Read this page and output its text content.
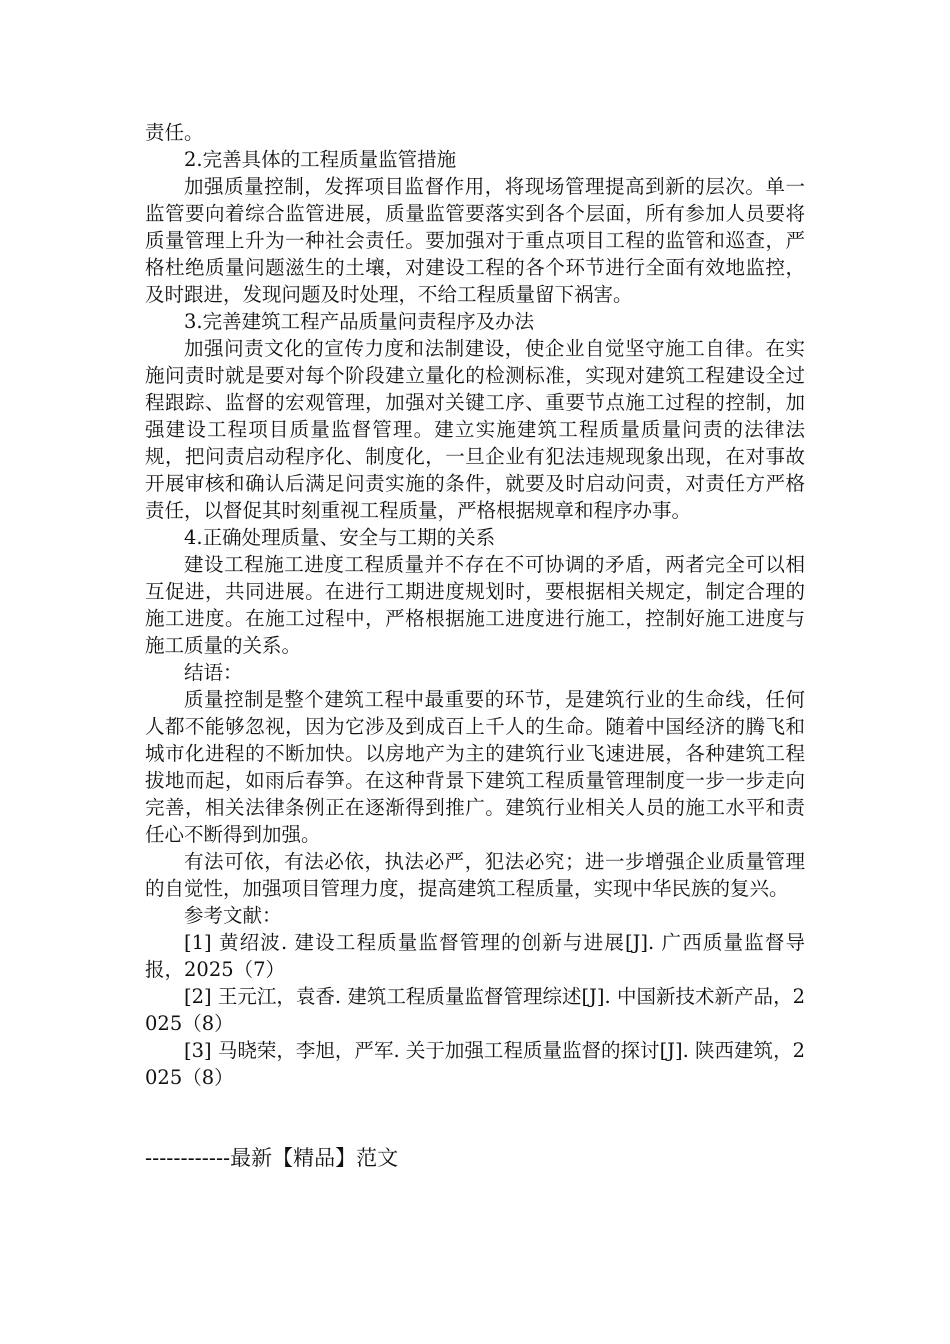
责任。

2.完善具体的工程质量监管措施

加强质量控制，发挥项目监督作用，将现场管理提高到新的层次。单一监管要向着综合监管进展，质量监管要落实到各个层面，所有参加人员要将质量管理上升为一种社会责任。要加强对于重点项目工程的监管和巡查，严格杜绝质量问题滋生的土壤，对建设工程的各个环节进行全面有效地监控，及时跟进，发现问题及时处理，不给工程质量留下祸害。

3.完善建筑工程产品质量问责程序及办法

加强问责文化的宣传力度和法制建设，使企业自觉坚守施工自律。在实施问责时就是要对每个阶段建立量化的检测标准，实现对建筑工程建设全过程跟踪、监督的宏观管理，加强对关键工序、重要节点施工过程的控制，加强建设工程项目质量监督管理。建立实施建筑工程质量质量问责的法律法规，把问责启动程序化、制度化，一旦企业有犯法违规现象出现，在对事故开展审核和确认后满足问责实施的条件，就要及时启动问责，对责任方严格责任，以督促其时刻重视工程质量，严格根据规章和程序办事。

4.正确处理质量、安全与工期的关系

建设工程施工进度工程质量并不存在不可协调的矛盾，两者完全可以相互促进，共同进展。在进行工期进度规划时，要根据相关规定，制定合理的施工进度。在施工过程中，严格根据施工进度进行施工，控制好施工进度与施工质量的关系。

结语：

质量控制是整个建筑工程中最重要的环节，是建筑行业的生命线，任何人都不能够忽视，因为它涉及到成百上千人的生命。随着中国经济的腾飞和城市化进程的不断加快。以房地产为主的建筑行业飞速进展，各种建筑工程拔地而起，如雨后春笋。在这种背景下建筑工程质量管理制度一步一步走向完善，相关法律条例正在逐渐得到推广。建筑行业相关人员的施工水平和责任心不断得到加强。

有法可依，有法必依，执法必严，犯法必究；进一步增强企业质量管理的自觉性，加强项目管理力度，提高建筑工程质量，实现中华民族的复兴。

参考文献：

[1] 黄绍波. 建设工程质量监督管理的创新与进展[J]. 广西质量监督导报，2025（7）

[2] 王元江，袁香. 建筑工程质量监督管理综述[J]. 中国新技术新产品，2025（8）

[3] 马晓荣，李旭，严军. 关于加强工程质量监督的探讨[J]. 陕西建筑，2025（8）

------------最新【精品】范文
